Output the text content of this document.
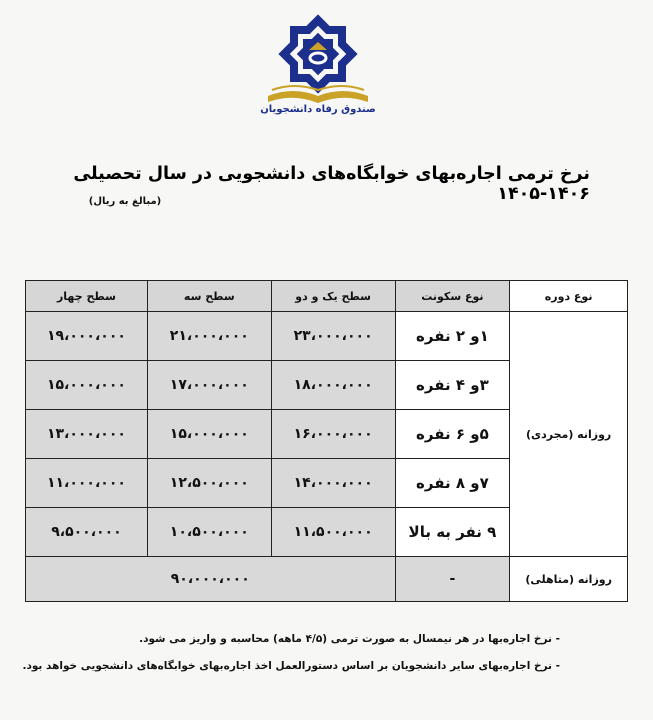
صندوق رفاه دانشجویان
نرخ ترمی اجاره‌بهای خوابگاه‌های دانشجویی در سال تحصیلی ۱۴۰۶-۱۴۰۵
(مبالغ به ریال)
نوع دوره	نوع سکونت	سطح یک و دو	سطح سه	سطح چهار
روزانه (مجردی)	۱و ۲ نفره	۲۳،۰۰۰،۰۰۰	۲۱،۰۰۰،۰۰۰	۱۹،۰۰۰،۰۰۰
	۳و ۴ نفره	۱۸،۰۰۰،۰۰۰	۱۷،۰۰۰،۰۰۰	۱۵،۰۰۰،۰۰۰
	۵و ۶ نفره	۱۶،۰۰۰،۰۰۰	۱۵،۰۰۰،۰۰۰	۱۳،۰۰۰،۰۰۰
	۷و ۸ نفره	۱۴،۰۰۰،۰۰۰	۱۲،۵۰۰،۰۰۰	۱۱،۰۰۰،۰۰۰
	۹ نفر به بالا	۱۱،۵۰۰،۰۰۰	۱۰،۵۰۰،۰۰۰	۹،۵۰۰،۰۰۰
روزانه (متاهلی)	-	۹۰،۰۰۰،۰۰۰		
- نرخ اجاره‌بها در هر نیمسال به صورت ترمی (۴/۵ ماهه) محاسبه و واریز می شود.
- نرخ اجاره‌بهای سایر دانشجویان بر اساس دستورالعمل اخذ اجاره‌بهای خوابگاه‌های دانشجویی خواهد بود.
